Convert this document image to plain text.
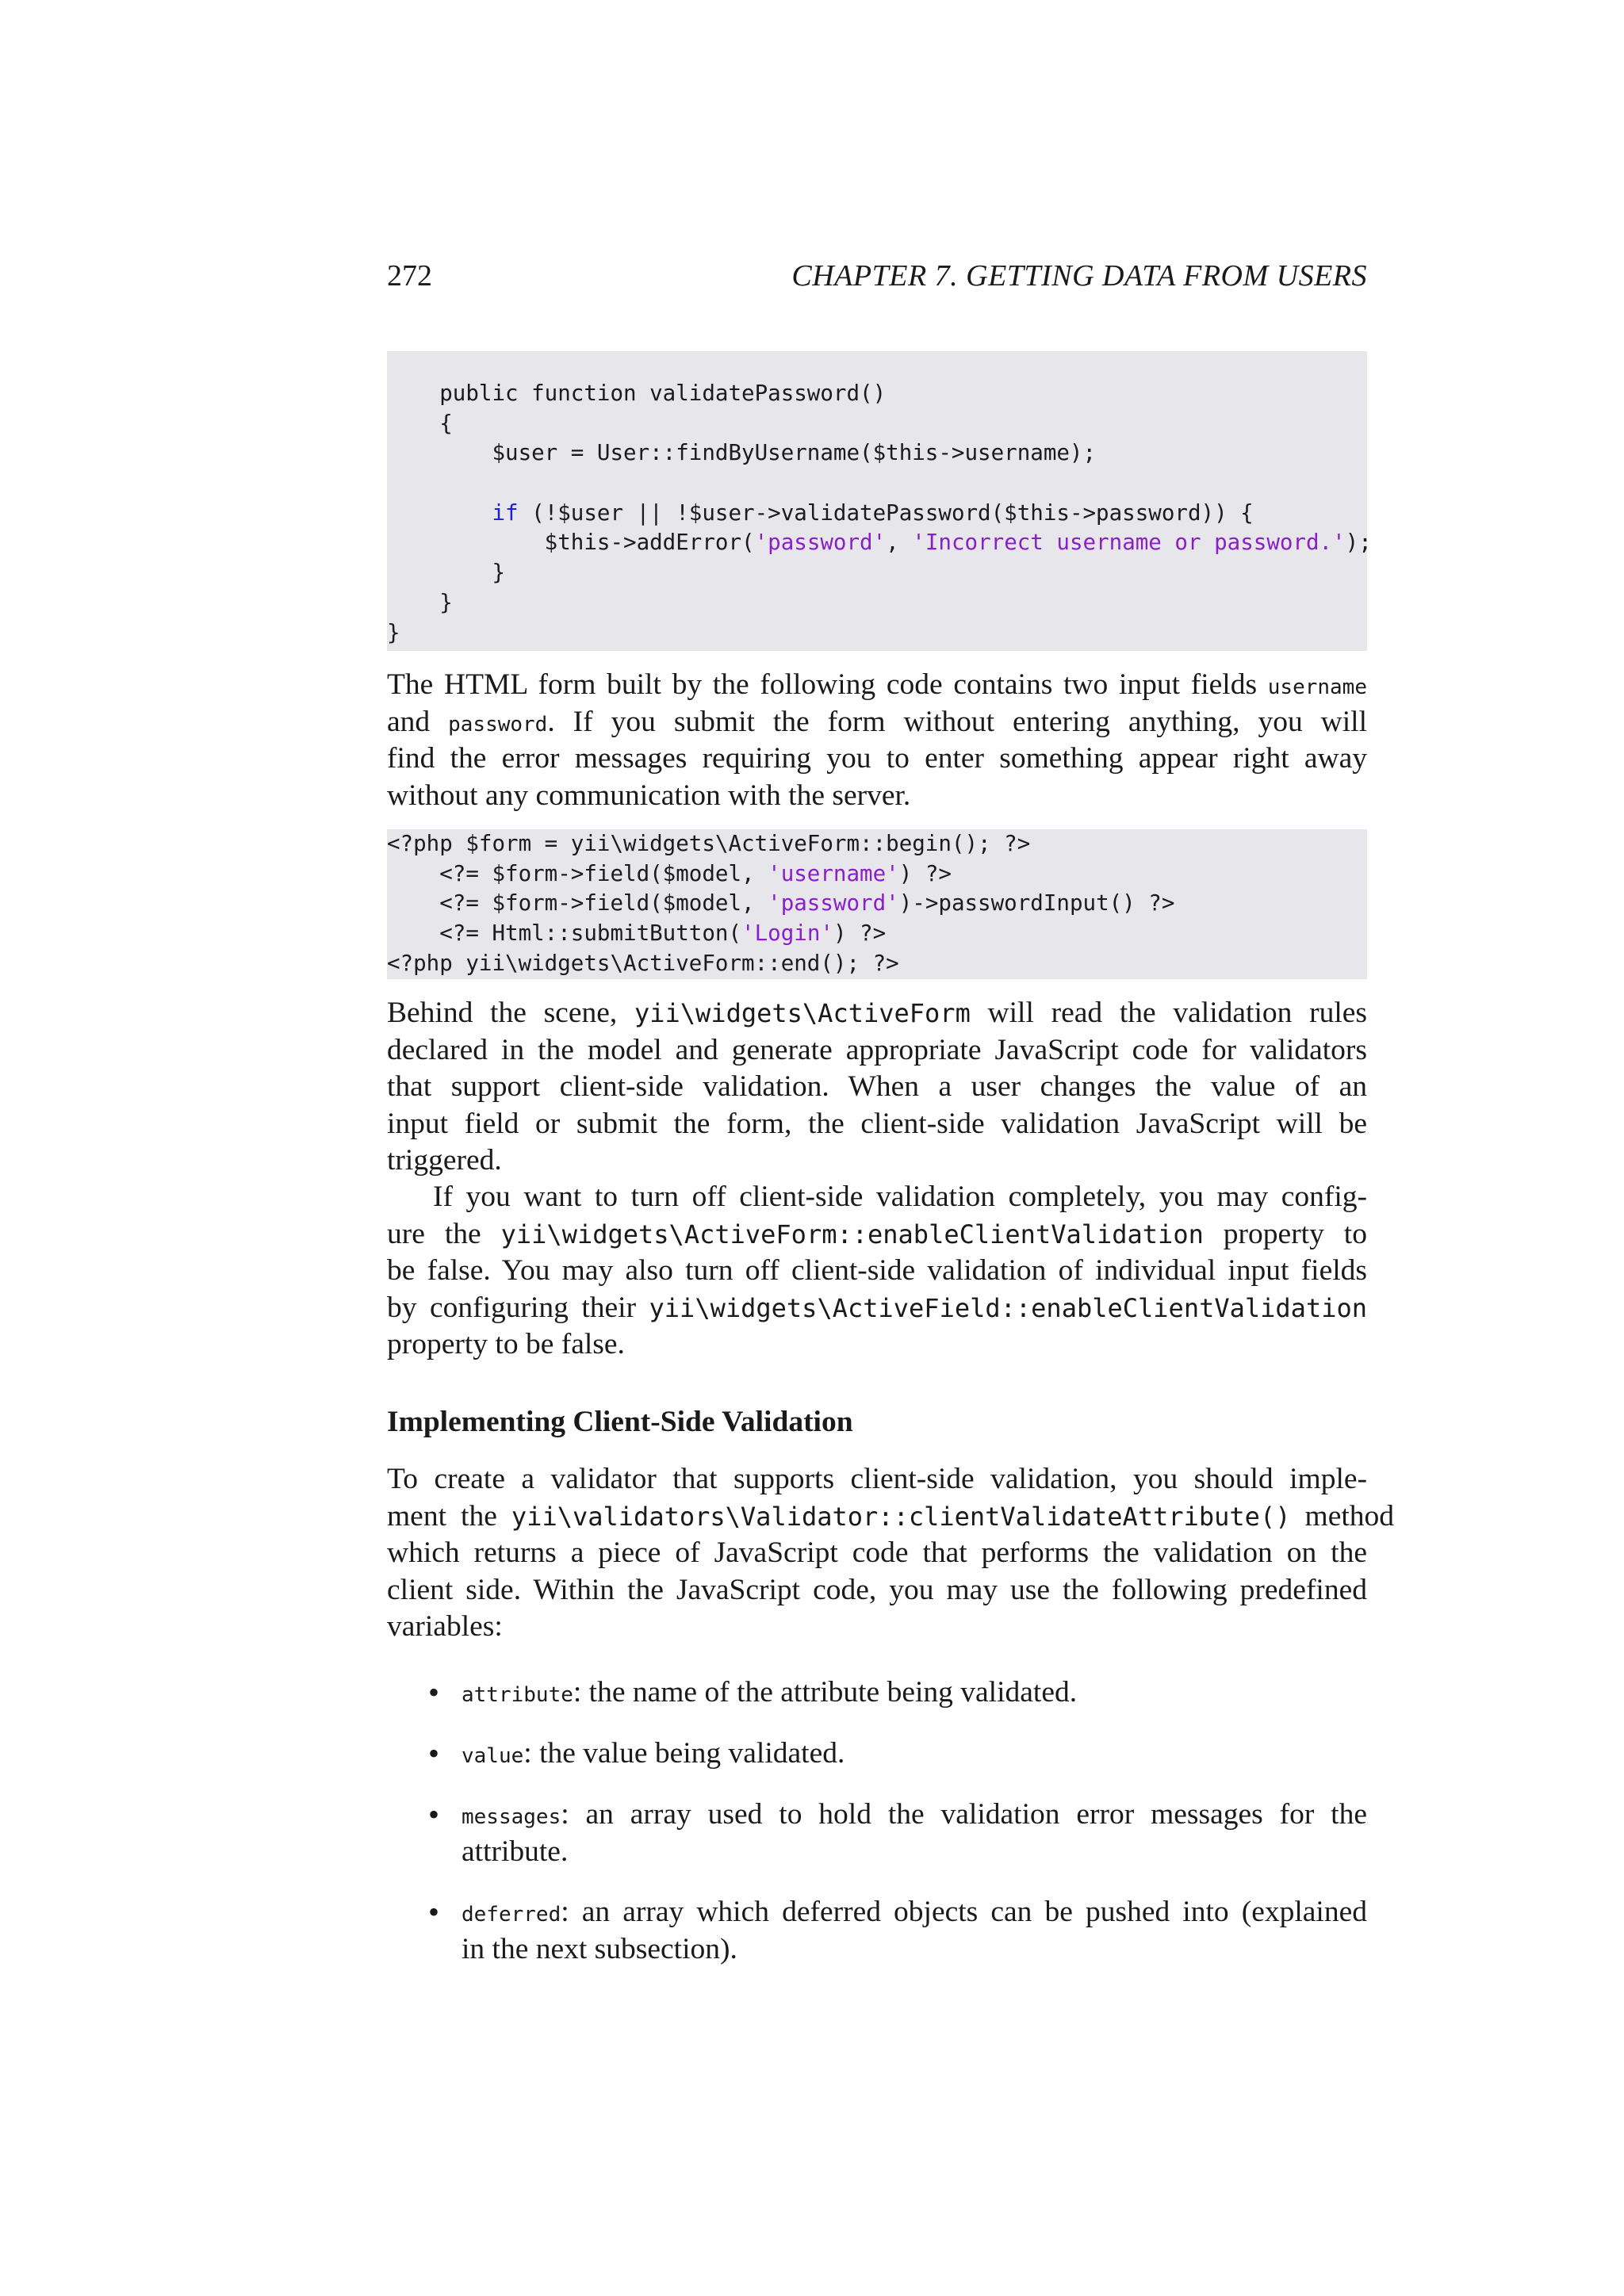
272	CHAPTER 7. GETTING DATA FROM USERS
public function validatePassword()
{
$user = User::findByUsername($this->username);
if (!$user || !$user->validatePassword($this->password)) {
$this->addError('password', 'Incorrect username or password.');
}
}
}
The HTML form built by the following code contains two input fields username
and password. If you submit the form without entering anything, you will
find the error messages requiring you to enter something appear right away
without any communication with the server.
<?php $form = yii\widgets\ActiveForm::begin(); ?>
<?= $form->field($model, 'username') ?>
<?= $form->field($model, 'password')->passwordInput() ?>
<?= Html::submitButton('Login') ?>
<?php yii\widgets\ActiveForm::end(); ?>
Behind the scene, yii\widgets\ActiveForm will read the validation rules
declared in the model and generate appropriate JavaScript code for validators
that support client-side validation. When a user changes the value of an
input field or submit the form, the client-side validation JavaScript will be
triggered.
If you want to turn off client-side validation completely, you may config-
ure the yii\widgets\ActiveForm::enableClientValidation property to
be false. You may also turn off client-side validation of individual input fields
by configuring their yii\widgets\ActiveField::enableClientValidation
property to be false.
Implementing Client-Side Validation
To create a validator that supports client-side validation, you should imple-
ment the yii\validators\Validator::clientValidateAttribute() method
which returns a piece of JavaScript code that performs the validation on the
client side. Within the JavaScript code, you may use the following predefined
variables:
• attribute: the name of the attribute being validated.
• value: the value being validated.
• messages: an array used to hold the validation error messages for the
attribute.
• deferred: an array which deferred objects can be pushed into (explained
in the next subsection).
